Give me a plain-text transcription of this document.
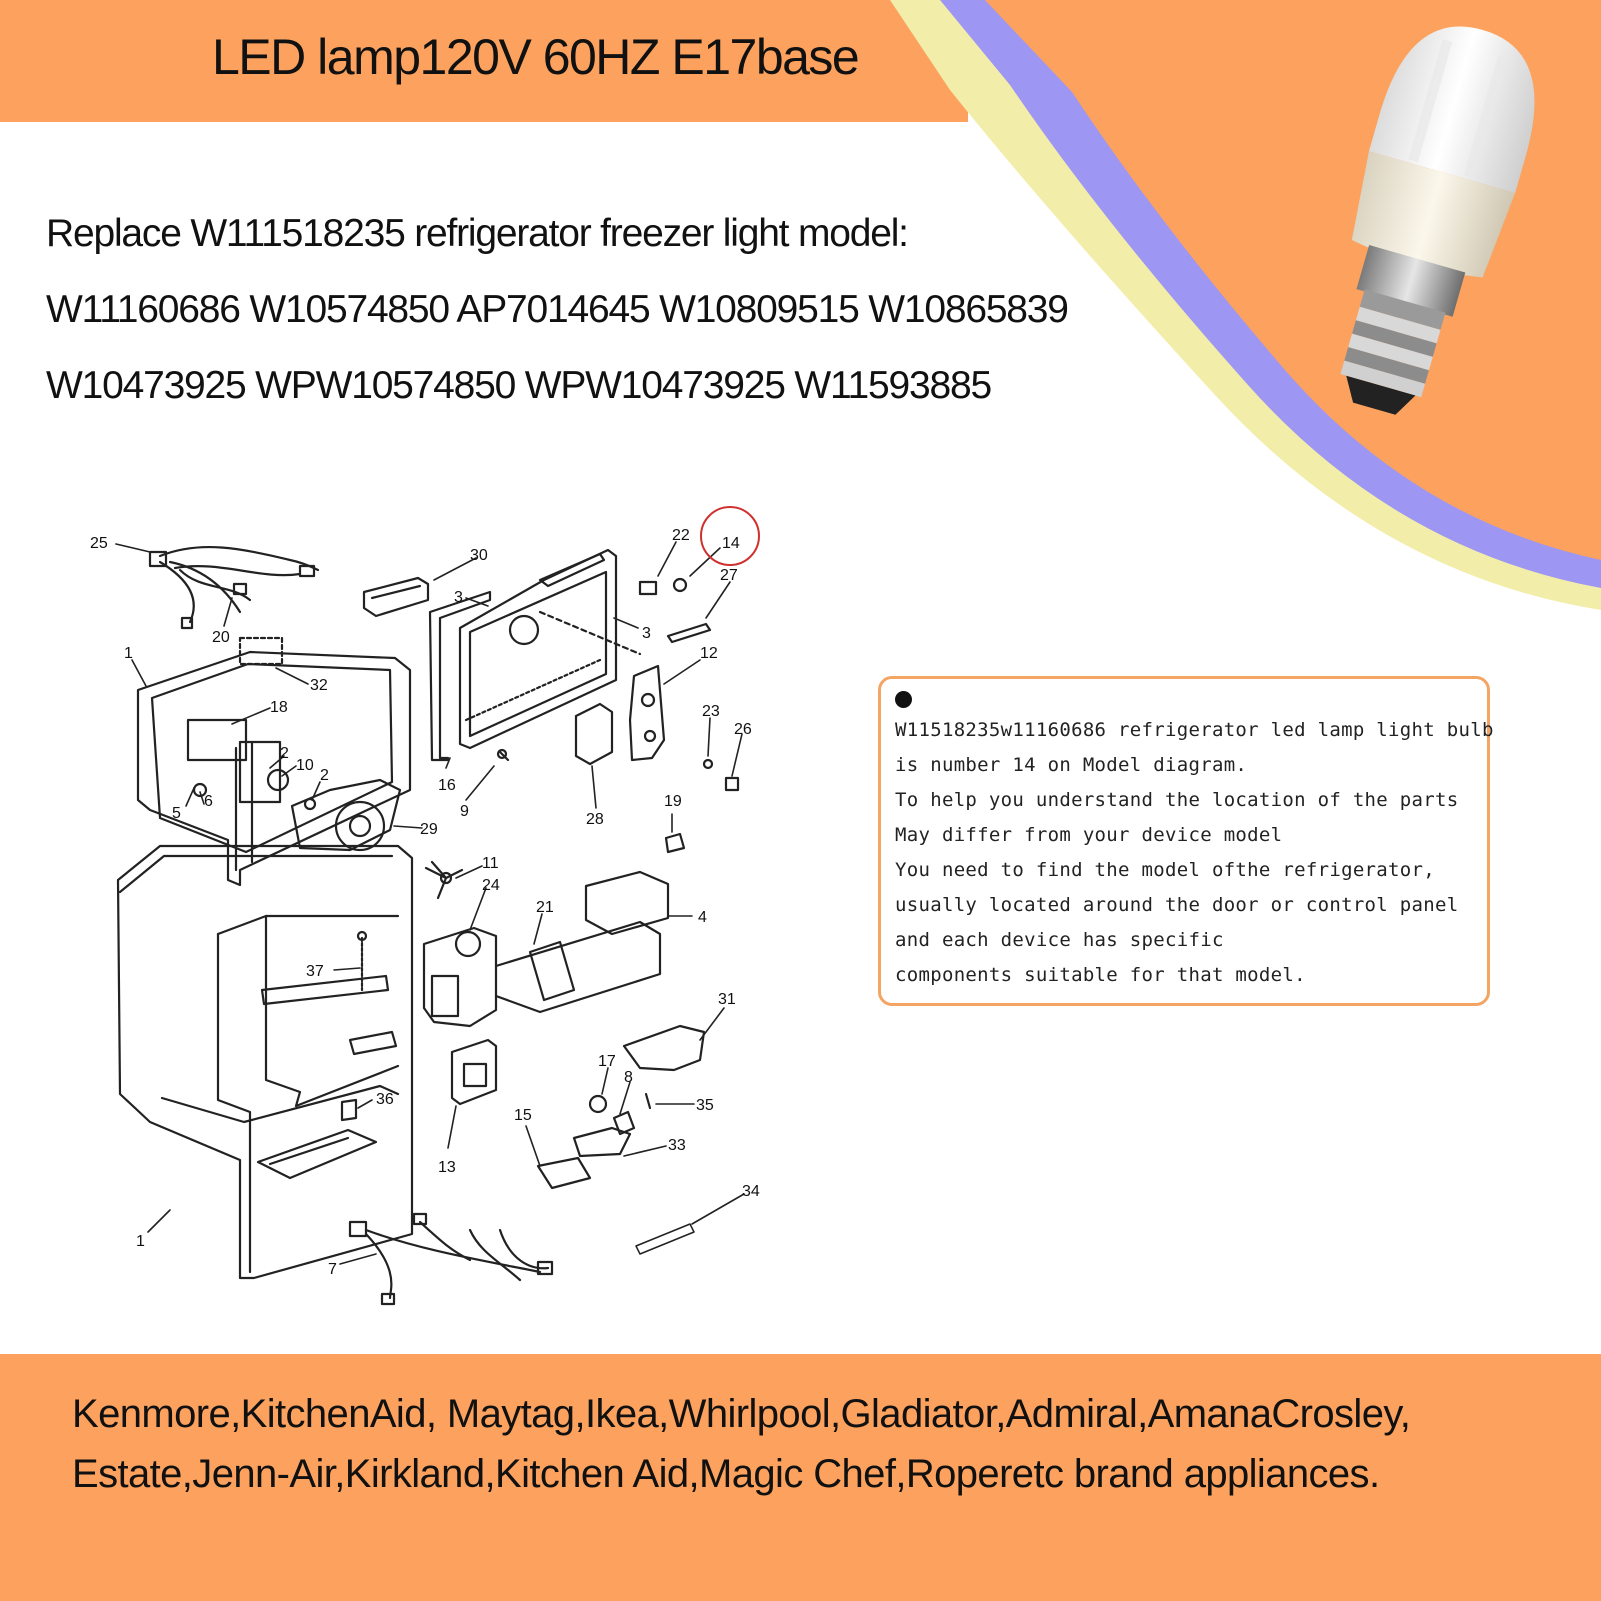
LED lamp120V 60HZ E17base
Replace W111518235 refrigerator freezer light model:
W11160686 W10574850 AP7014645 W10809515 W10865839
W10473925 WPW10574850 WPW10473925 W11593885
25
30
22 14
27
3
3
1
20
32
12
18
2
10
2
23
26
6
5
16
9
19
28
29
11
24
21
4
37
31
17
8
35
36
15
33
13
34
1
7
W11518235w11160686 refrigerator led lamp light bulb
is number 14 on Model diagram.
To help you understand the location of the parts
May differ from your device model
You need to find the model ofthe refrigerator,
usually located around the door or control panel
and each device has specific
components suitable for that model.
Kenmore,KitchenAid, Maytag,Ikea,Whirlpool,Gladiator,Admiral,AmanaCrosley,
Estate,Jenn-Air,Kirkland,Kitchen Aid,Magic Chef,Roperetc brand appliances.
